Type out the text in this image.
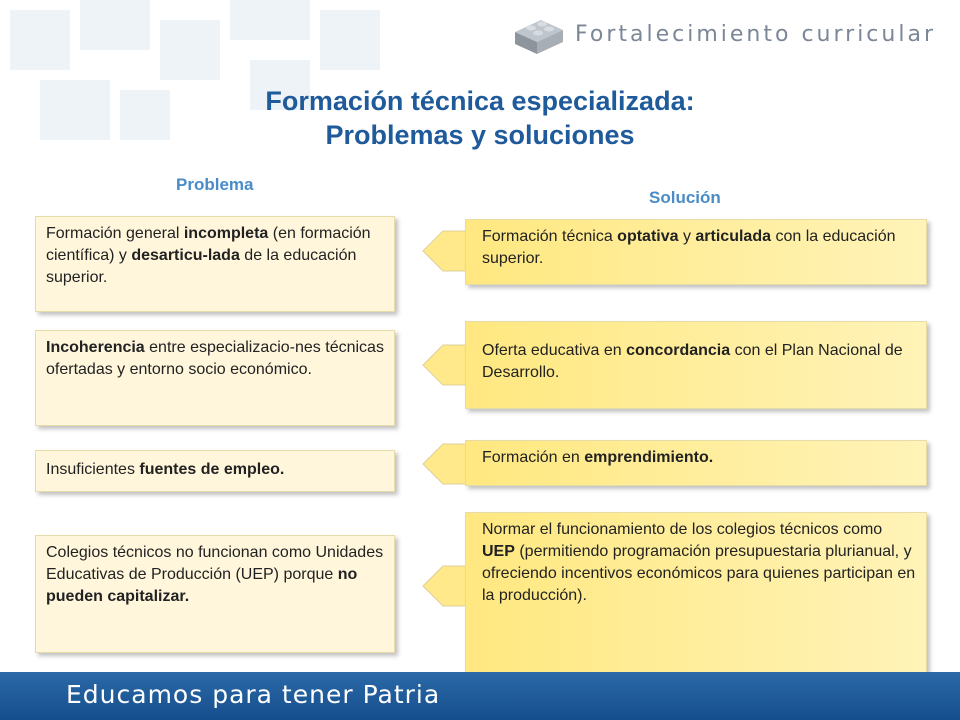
Fortalecimiento curricular
Formación técnica especializada:
Problemas y soluciones
Problema
Solución
Formación general incompleta (en formación científica) y desarticu-lada de la educación superior.
Formación técnica optativa y articulada con la educación superior.
Incoherencia entre especializacio-nes técnicas ofertadas y entorno socio económico.
Oferta educativa en concordancia con el Plan Nacional de Desarrollo.
Insuficientes fuentes de empleo.
Formación en emprendimiento.
Colegios técnicos no funcionan como Unidades Educativas de Producción (UEP) porque no pueden capitalizar.
Normar el funcionamiento de los colegios técnicos como UEP (permitiendo programación presupuestaria plurianual, y ofreciendo incentivos económicos para quienes participan en la producción).
Educamos para tener Patria
